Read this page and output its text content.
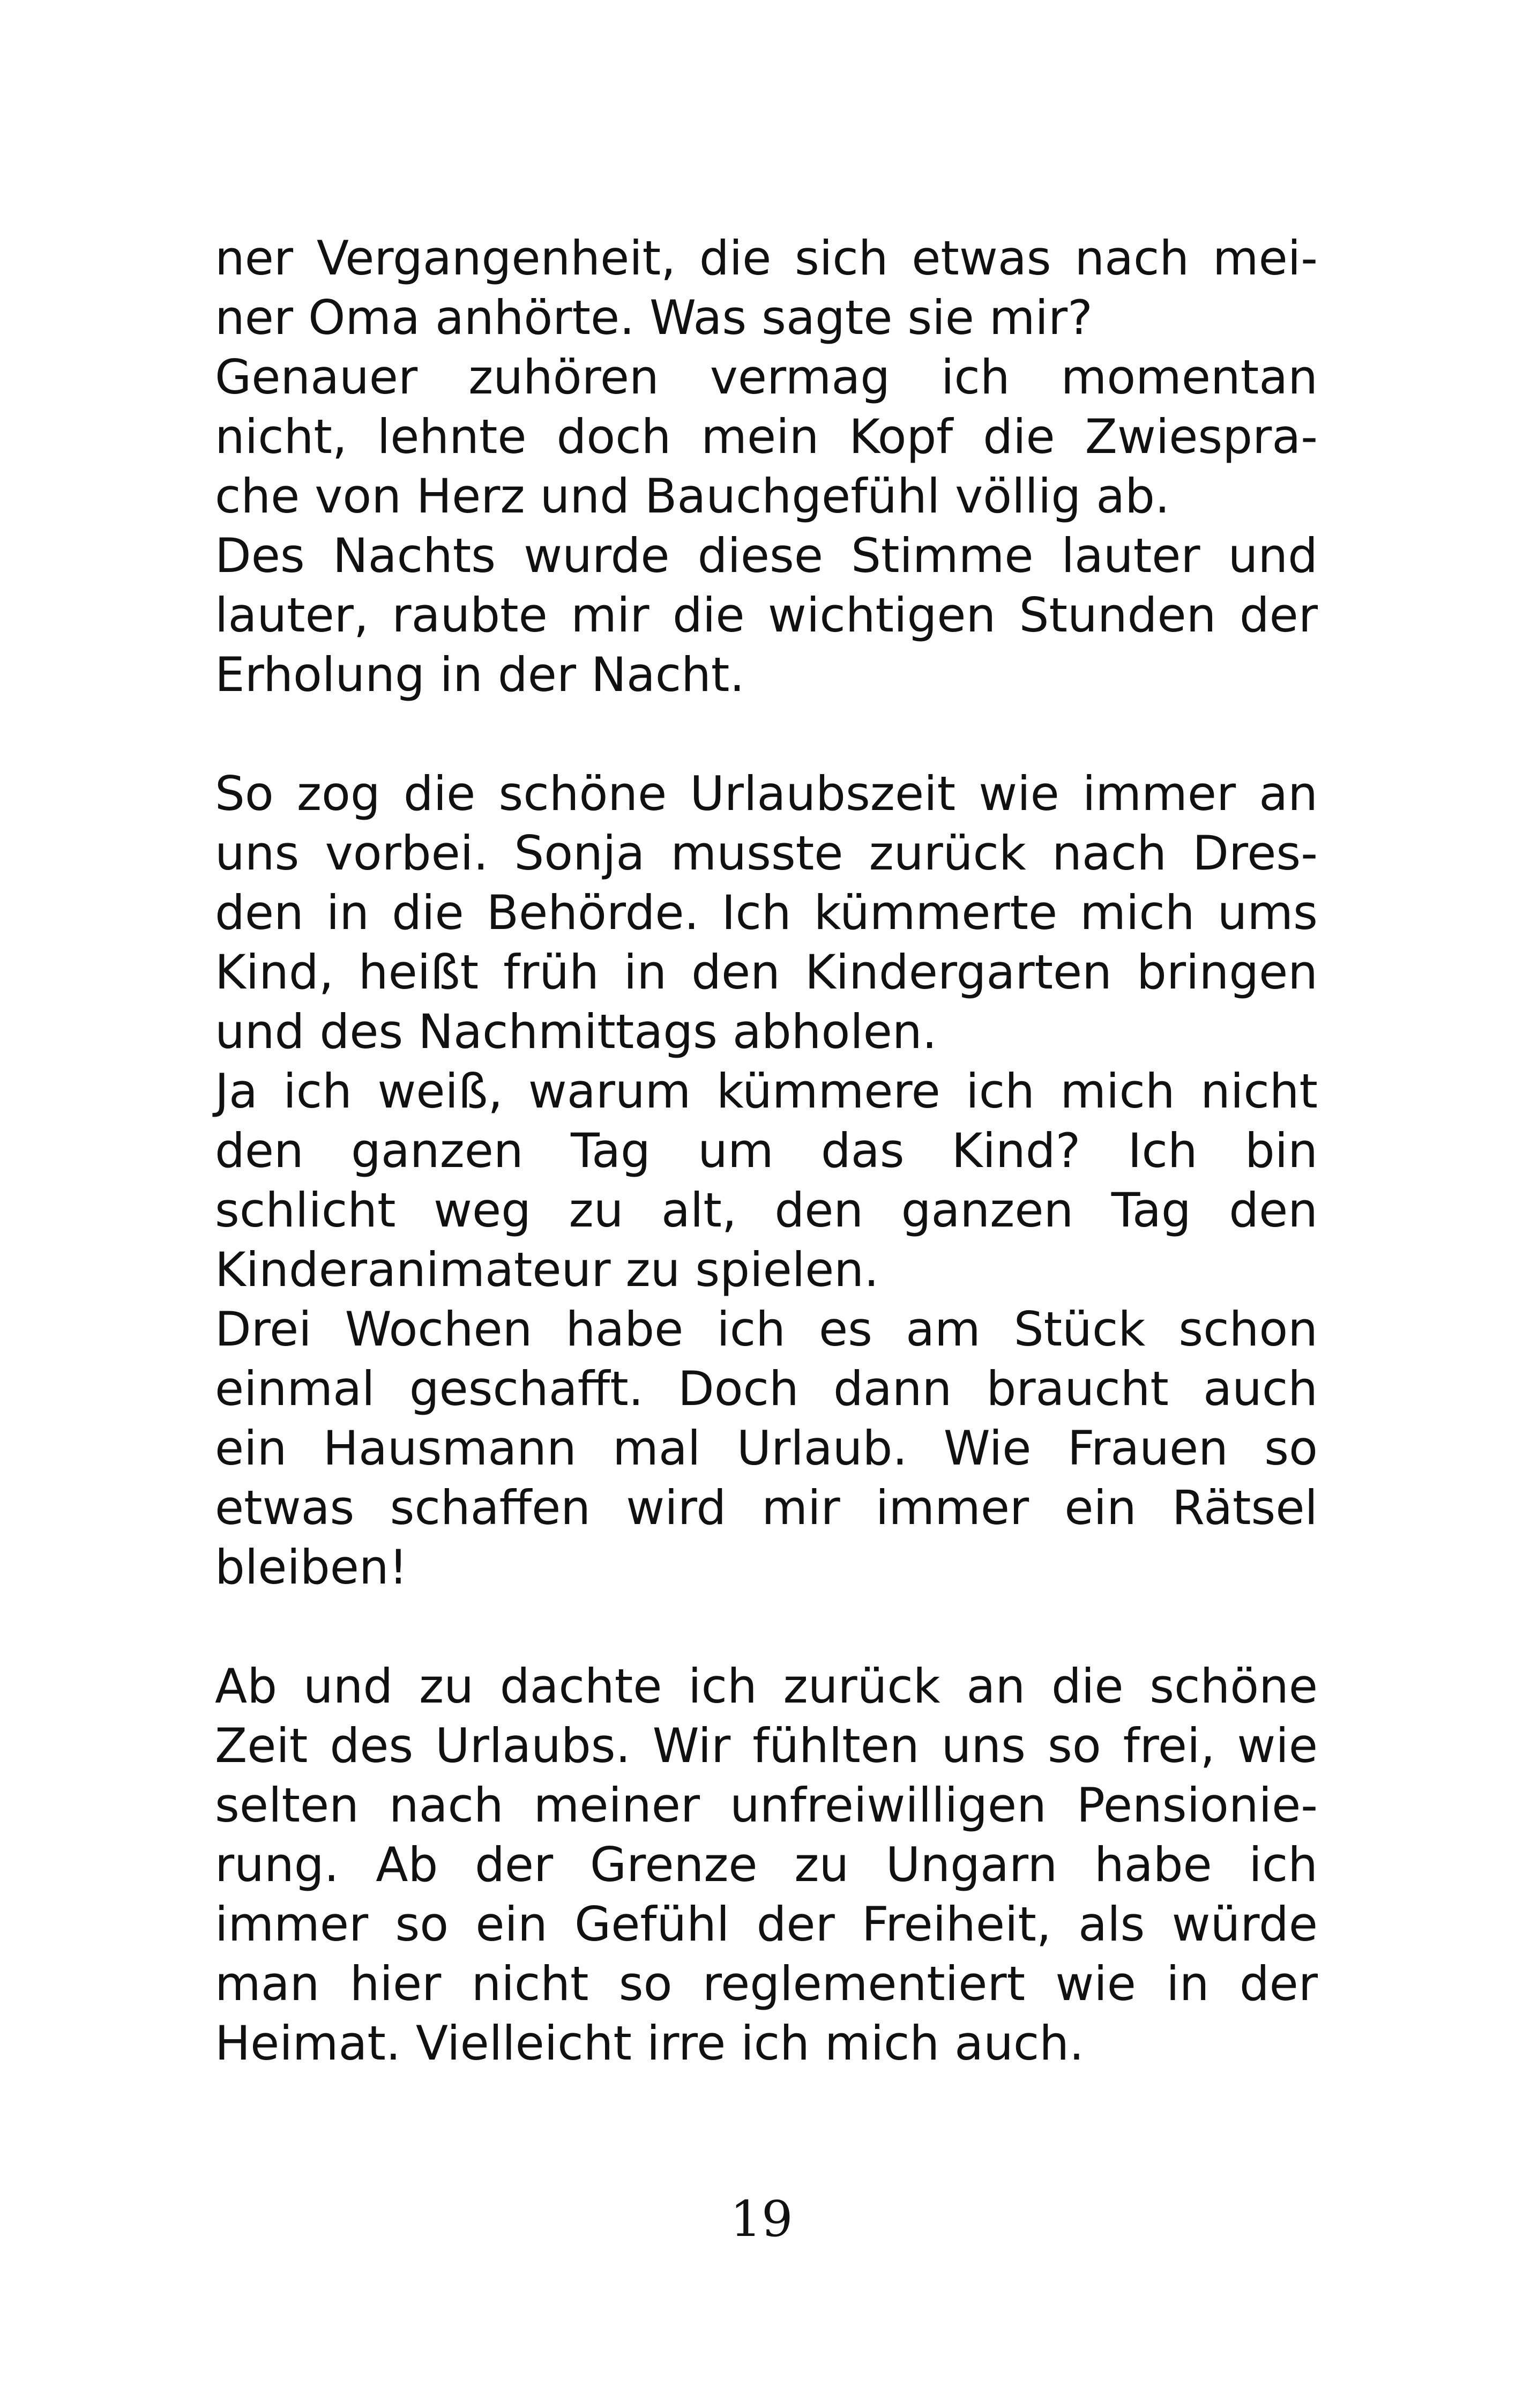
ner Vergangenheit, die sich etwas nach mei-
ner Oma anhörte. Was sagte sie mir?
Genauer zuhören vermag ich momentan
nicht, lehnte doch mein Kopf die Zwiespra-
che von Herz und Bauchgefühl völlig ab.
Des Nachts wurde diese Stimme lauter und
lauter, raubte mir die wichtigen Stunden der
Erholung in der Nacht.
So zog die schöne Urlaubszeit wie immer an
uns vorbei. Sonja musste zurück nach Dres-
den in die Behörde. Ich kümmerte mich ums
Kind, heißt früh in den Kindergarten bringen
und des Nachmittags abholen.
Ja ich weiß, warum kümmere ich mich nicht
den ganzen Tag um das Kind? Ich bin
schlicht weg zu alt, den ganzen Tag den
Kinderanimateur zu spielen.
Drei Wochen habe ich es am Stück schon
einmal geschafft. Doch dann braucht auch
ein Hausmann mal Urlaub. Wie Frauen so
etwas schaffen wird mir immer ein Rätsel
bleiben!
Ab und zu dachte ich zurück an die schöne
Zeit des Urlaubs. Wir fühlten uns so frei, wie
selten nach meiner unfreiwilligen Pensionie-
rung. Ab der Grenze zu Ungarn habe ich
immer so ein Gefühl der Freiheit, als würde
man hier nicht so reglementiert wie in der
Heimat. Vielleicht irre ich mich auch.
19
